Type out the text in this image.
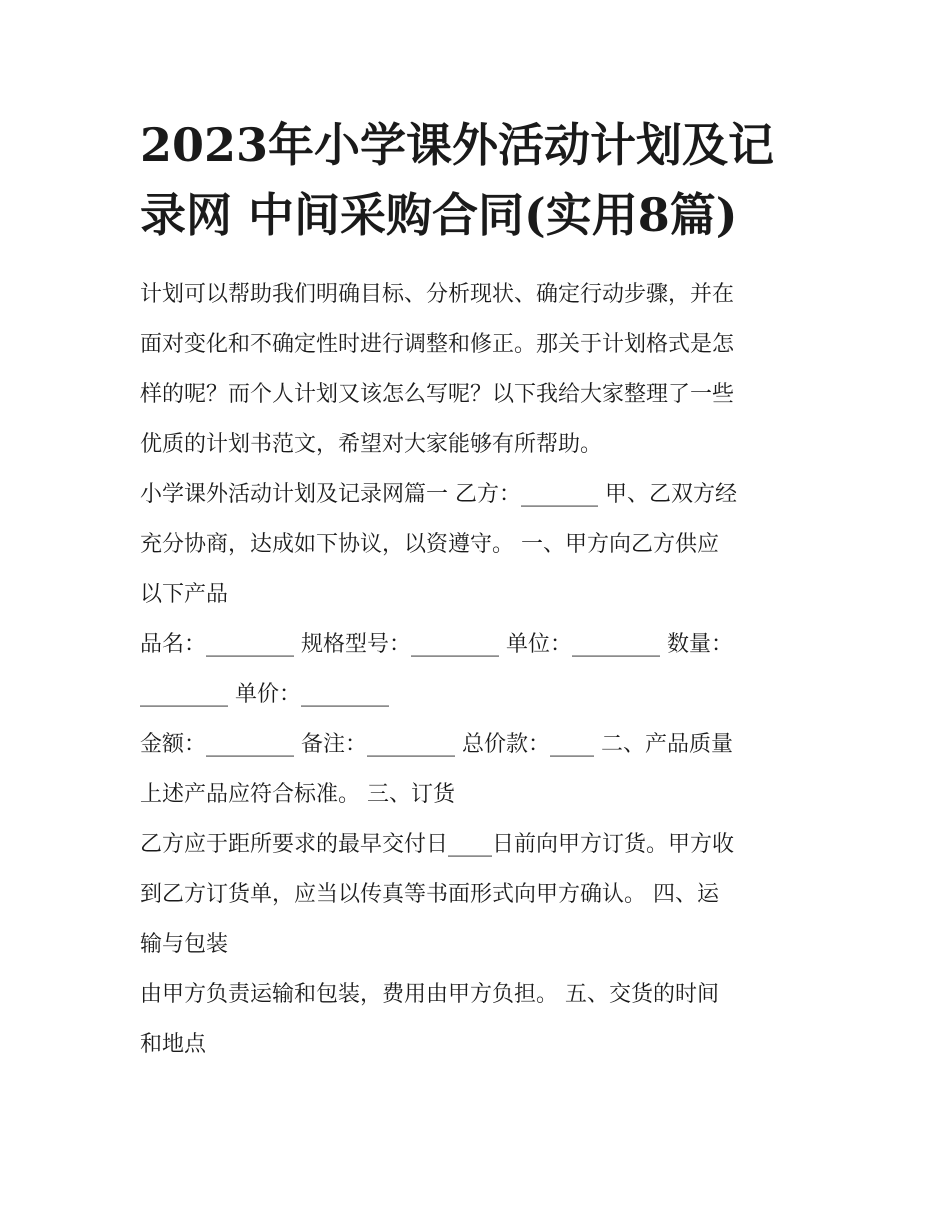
2023年小学课外活动计划及记
录网 中间采购合同(实用8篇)

计划可以帮助我们明确目标、分析现状、确定行动步骤，并在
面对变化和不确定性时进行调整和修正。那关于计划格式是怎
样的呢？而个人计划又该怎么写呢？以下我给大家整理了一些
优质的计划书范文，希望对大家能够有所帮助。

小学课外活动计划及记录网篇一 乙方：_______ 甲、乙双方经
充分协商，达成如下协议，以资遵守。 一、甲方向乙方供应
以下产品

品名：________ 规格型号：________ 单位：________ 数量：
________ 单价：________

金额：________ 备注：________ 总价款：____ 二、产品质量
上述产品应符合标准。 三、订货

乙方应于距所要求的最早交付日____日前向甲方订货。甲方收
到乙方订货单，应当以传真等书面形式向甲方确认。 四、运
输与包装

由甲方负责运输和包装，费用由甲方负担。 五、交货的时间
和地点
